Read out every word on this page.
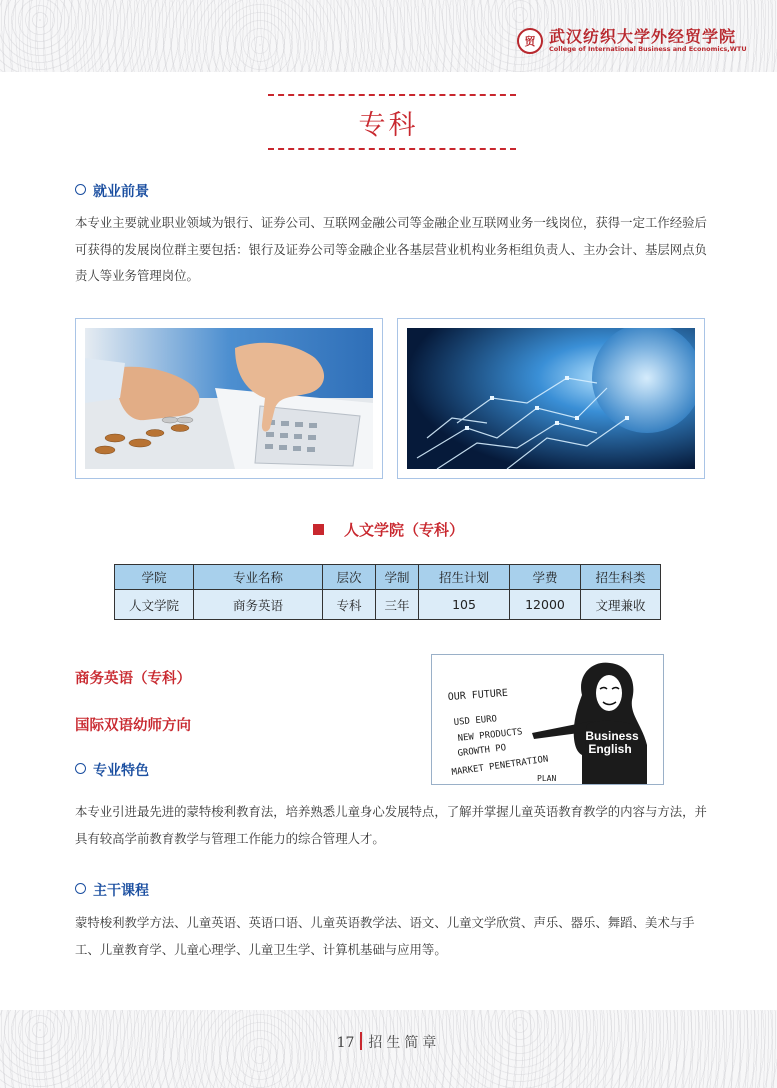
贸 武汉纺织大学外经贸学院
College of International Business and Economics,WTU
专科
就业前景
本专业主要就业职业领域为银行、证券公司、互联网金融公司等金融企业互联网业务一线岗位，获得一定工作经验后可获得的发展岗位群主要包括：银行及证券公司等金融企业各基层营业机构业务柜组负责人、主办会计、基层网点负责人等业务管理岗位。
人文学院（专科）
学院	专业名称	层次	学制	招生计划	学费	招生科类
人文学院	商务英语	专科	三年	105	12000	文理兼收
商务英语（专科）
国际双语幼师方向
OUR FUTURE
USD EURO
NEW PRODUCTS
GROWTH PO
MARKET PENETRATION
PLAN
Business
English
专业特色
本专业引进最先进的蒙特梭利教育法，培养熟悉儿童身心发展特点，了解并掌握儿童英语教育教学的内容与方法，并具有较高学前教育教学与管理工作能力的综合管理人才。
主干课程
蒙特梭利教学方法、儿童英语、英语口语、儿童英语教学法、语文、儿童文学欣赏、声乐、器乐、舞蹈、美术与手工、儿童教育学、儿童心理学、儿童卫生学、计算机基础与应用等。
17 招生简章
